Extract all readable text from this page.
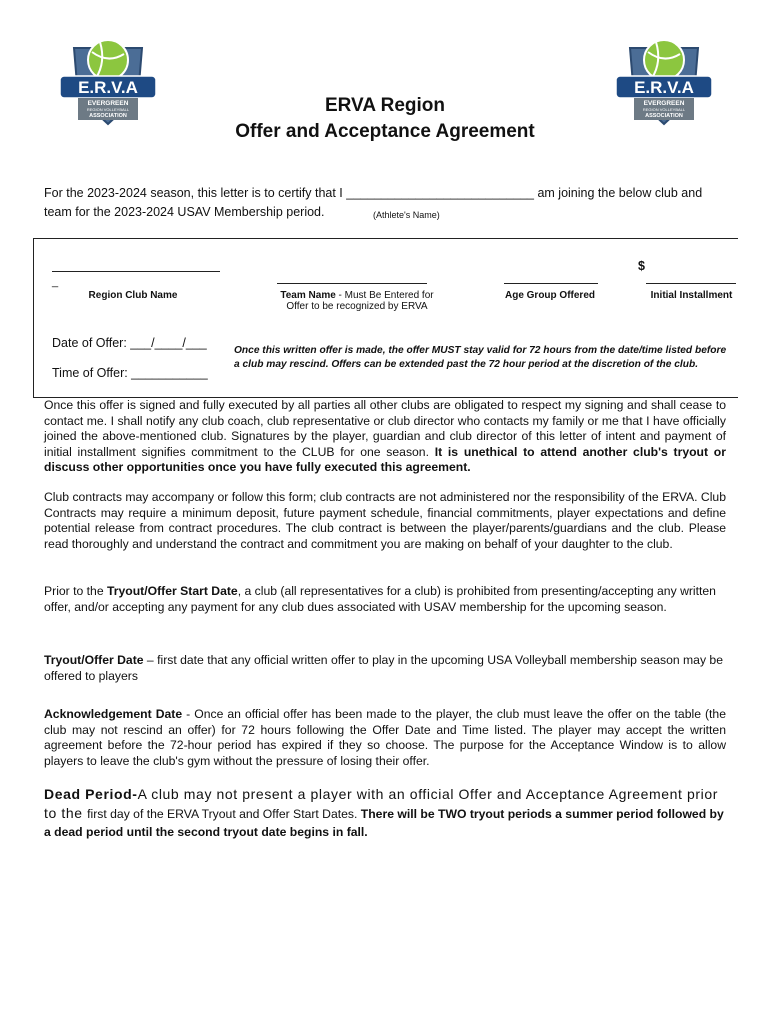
E.R.V.A
EVERGREEN
REGION VOLLEYBALL
ASSOCIATION
E.R.V.A
EVERGREEN
REGION VOLLEYBALL
ASSOCIATION
ERVA Region
Offer and Acceptance Agreement
For the 2023-2024 season, this letter is to certify that I ___________________________ am joining the below club and
team for the 2023-2024 USAV Membership period.	(Athlete's Name)
_
Region Club Name	Team Name - Must Be Entered for
Offer to be recognized by ERVA
Age Group Offered
$
Initial Installment
Date of Offer: ___/____/___
Time of Offer: ___________
Once this written offer is made, the offer MUST stay valid for 72 hours from the date/time listed before a club may rescind. Offers can be extended past the 72 hour period at the discretion of the club.
Once this offer is signed and fully executed by all parties all other clubs are obligated to respect my signing and shall cease to contact me. I shall notify any club coach, club representative or club director who contacts my family or me that I have officially joined the above-mentioned club. Signatures by the player, guardian and club director of this letter of intent and payment of initial installment signifies commitment to the CLUB for one season. It is unethical to attend another club's tryout or discuss other opportunities once you have fully executed this agreement.
Club contracts may accompany or follow this form; club contracts are not administered nor the responsibility of the ERVA. Club Contracts may require a minimum deposit, future payment schedule, financial commitments, player expectations and define potential release from contract procedures. The club contract is between the player/parents/guardians and the club. Please read thoroughly and understand the contract and commitment you are making on behalf of your daughter to the club.
Prior to the Tryout/Offer Start Date, a club (all representatives for a club) is prohibited from presenting/accepting any written offer, and/or accepting any payment for any club dues associated with USAV membership for the upcoming season.
Tryout/Offer Date – first date that any official written offer to play in the upcoming USA Volleyball membership season may be offered to players
Acknowledgement Date - Once an official offer has been made to the player, the club must leave the offer on the table (the club may not rescind an offer) for 72 hours following the Offer Date and Time listed. The player may accept the written agreement before the 72-hour period has expired if they so choose. The purpose for the Acceptance Window is to allow players to leave the club's gym without the pressure of losing their offer.
Dead Period-A club may not present a player with an official Offer and Acceptance Agreement prior to the first day of the ERVA Tryout and Offer Start Dates. There will be TWO tryout periods a summer period followed by a dead period until the second tryout date begins in fall.
